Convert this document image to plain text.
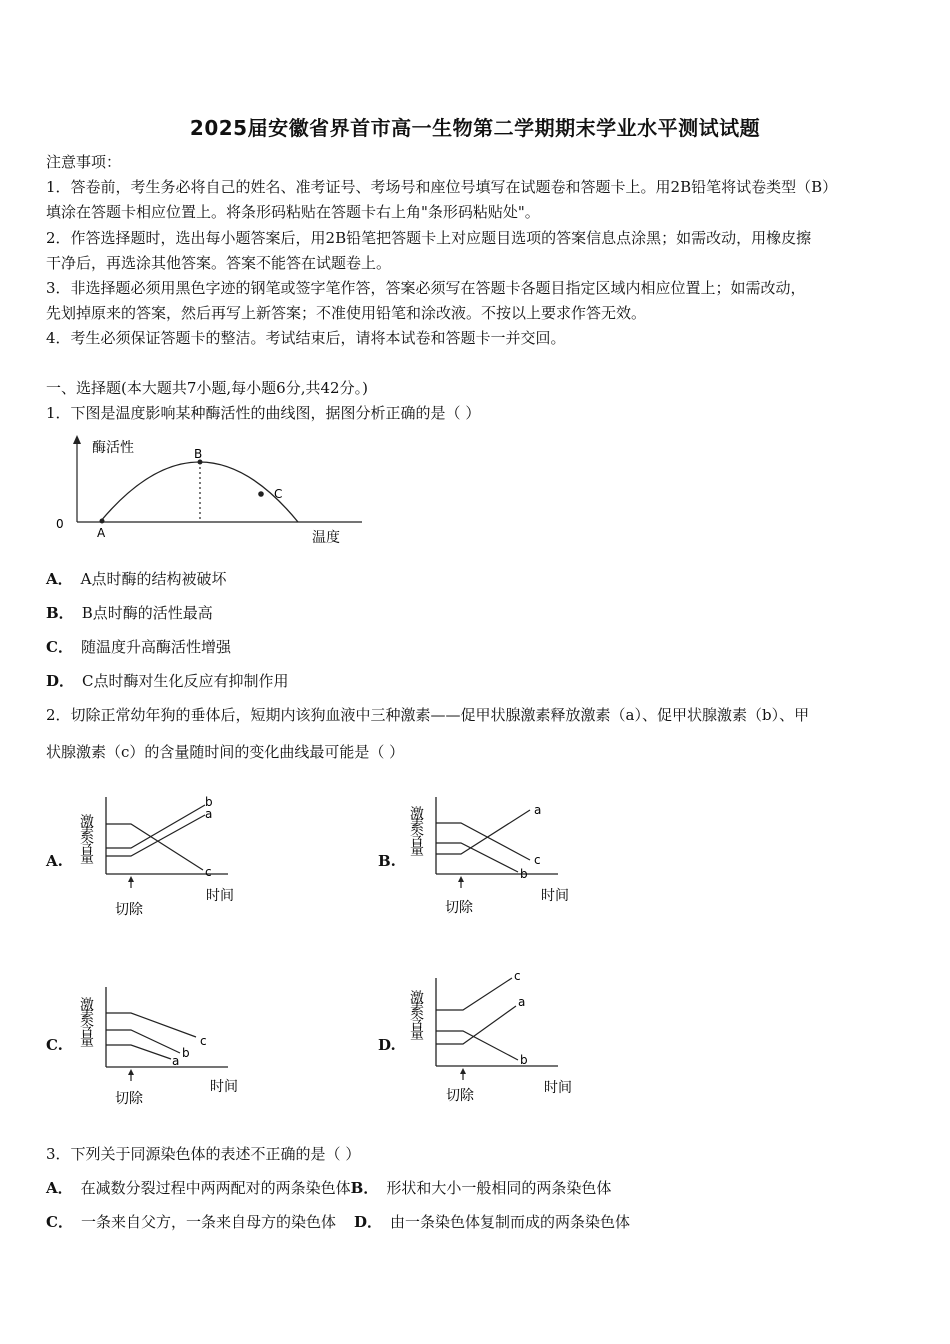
2025届安徽省界首市高一生物第二学期期末学业水平测试试题
注意事项：
1．答卷前，考生务必将自己的姓名、准考证号、考场号和座位号填写在试题卷和答题卡上。用2B铅笔将试卷类型（B）
填涂在答题卡相应位置上。将条形码粘贴在答题卡右上角"条形码粘贴处"。
2．作答选择题时，选出每小题答案后，用2B铅笔把答题卡上对应题目选项的答案信息点涂黑；如需改动，用橡皮擦
干净后，再选涂其他答案。答案不能答在试题卷上。
3．非选择题必须用黑色字迹的钢笔或签字笔作答，答案必须写在答题卡各题目指定区域内相应位置上；如需改动，
先划掉原来的答案，然后再写上新答案；不准使用铅笔和涂改液。不按以上要求作答无效。
4．考生必须保证答题卡的整洁。考试结束后，请将本试卷和答题卡一并交回。
一、选择题(本大题共7小题,每小题6分,共42分。)
1．下图是温度影响某种酶活性的曲线图，据图分析正确的是（ ）
酶活性
温度
0
A
B
C
A． A点时酶的结构被破坏
B． B点时酶的活性最高
C． 随温度升高酶活性增强
D． C点时酶对生化反应有抑制作用
2．切除正常幼年狗的垂体后，短期内该狗血液中三种激素——促甲状腺激素释放激素（a）、促甲状腺激素（b）、甲
状腺激素（c）的含量随时间的变化曲线最可能是（ ）
A. 激素含量
切除
时间
b
a
c
B.
激素含量
切除
时间
a
c
b
C. 激素含量
切除
时间
c
b
a
D.
激素含量
切除	时间
c
a
b
3．下列关于同源染色体的表述不正确的是（ ）
A． 在减数分裂过程中两两配对的两条染色体B． 形状和大小一般相同的两条染色体
C． 一条来自父方，一条来自母方的染色体 D． 由一条染色体复制而成的两条染色体
